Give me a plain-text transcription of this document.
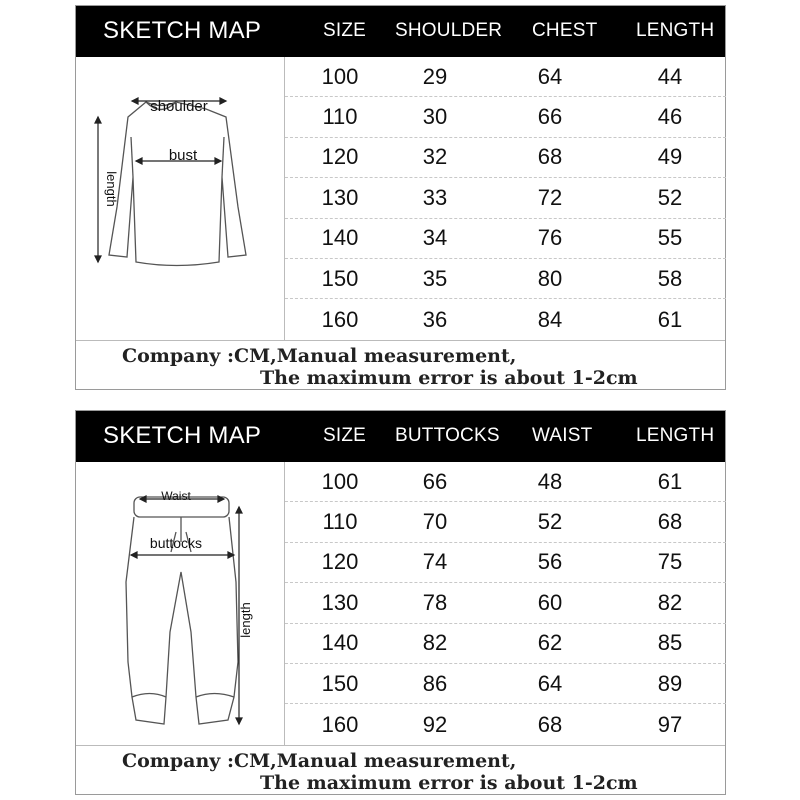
SKETCH MAP	SIZE SHOULDER CHEST LENGTH
shoulder
bust
length
100	29	64	44
110	30	66	46
120	32	68	49
130	33	72	52
140	34	76	55
150	35	80	58
160	36	84	61
Company :CM,Manual measurement,
The maximum error is about 1-2cm
SKETCH MAP	SIZE BUTTOCKS WAIST LENGTH
Waist
buttocks
length
100	66	48	61
110	70	52	68
120	74	56	75
130	78	60	82
140	82	62	85
150	86	64	89
160	92	68	97
Company :CM,Manual measurement,
The maximum error is about 1-2cm
